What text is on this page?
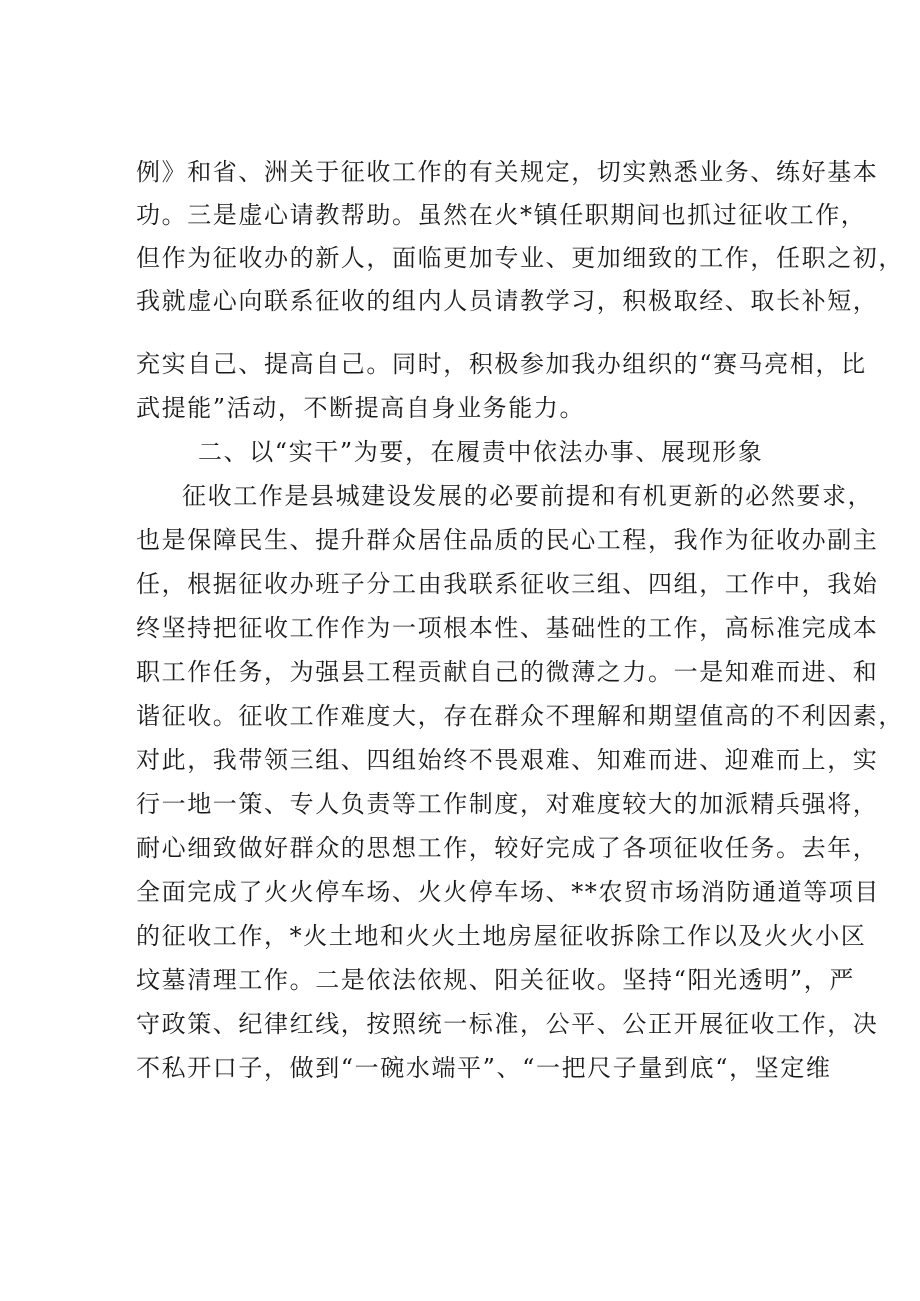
例》和省、洲关于征收工作的有关规定，切实熟悉业务、练好基本
功。三是虚心请教帮助。虽然在火*镇任职期间也抓过征收工作，
但作为征收办的新人，面临更加专业、更加细致的工作，任职之初，
我就虚心向联系征收的组内人员请教学习，积极取经、取长补短，
充实自己、提高自己。同时，积极参加我办组织的“赛马亮相，比
武提能”活动，不断提高自身业务能力。
二、以“实干”为要，在履责中依法办事、展现形象
征收工作是县城建设发展的必要前提和有机更新的必然要求，
也是保障民生、提升群众居住品质的民心工程，我作为征收办副主
任，根据征收办班子分工由我联系征收三组、四组，工作中，我始
终坚持把征收工作作为一项根本性、基础性的工作，高标准完成本
职工作任务，为强县工程贡献自己的微薄之力。一是知难而进、和
谐征收。征收工作难度大，存在群众不理解和期望值高的不利因素，
对此，我带领三组、四组始终不畏艰难、知难而进、迎难而上，实
行一地一策、专人负责等工作制度，对难度较大的加派精兵强将，
耐心细致做好群众的思想工作，较好完成了各项征收任务。去年，
全面完成了火火停车场、火火停车场、**农贸市场消防通道等项目
的征收工作，*火土地和火火土地房屋征收拆除工作以及火火小区
坟墓清理工作。二是依法依规、阳关征收。坚持“阳光透明”，严
守政策、纪律红线，按照统一标准，公平、公正开展征收工作，决
不私开口子，做到“一碗水端平”、“一把尺子量到底“，坚定维
